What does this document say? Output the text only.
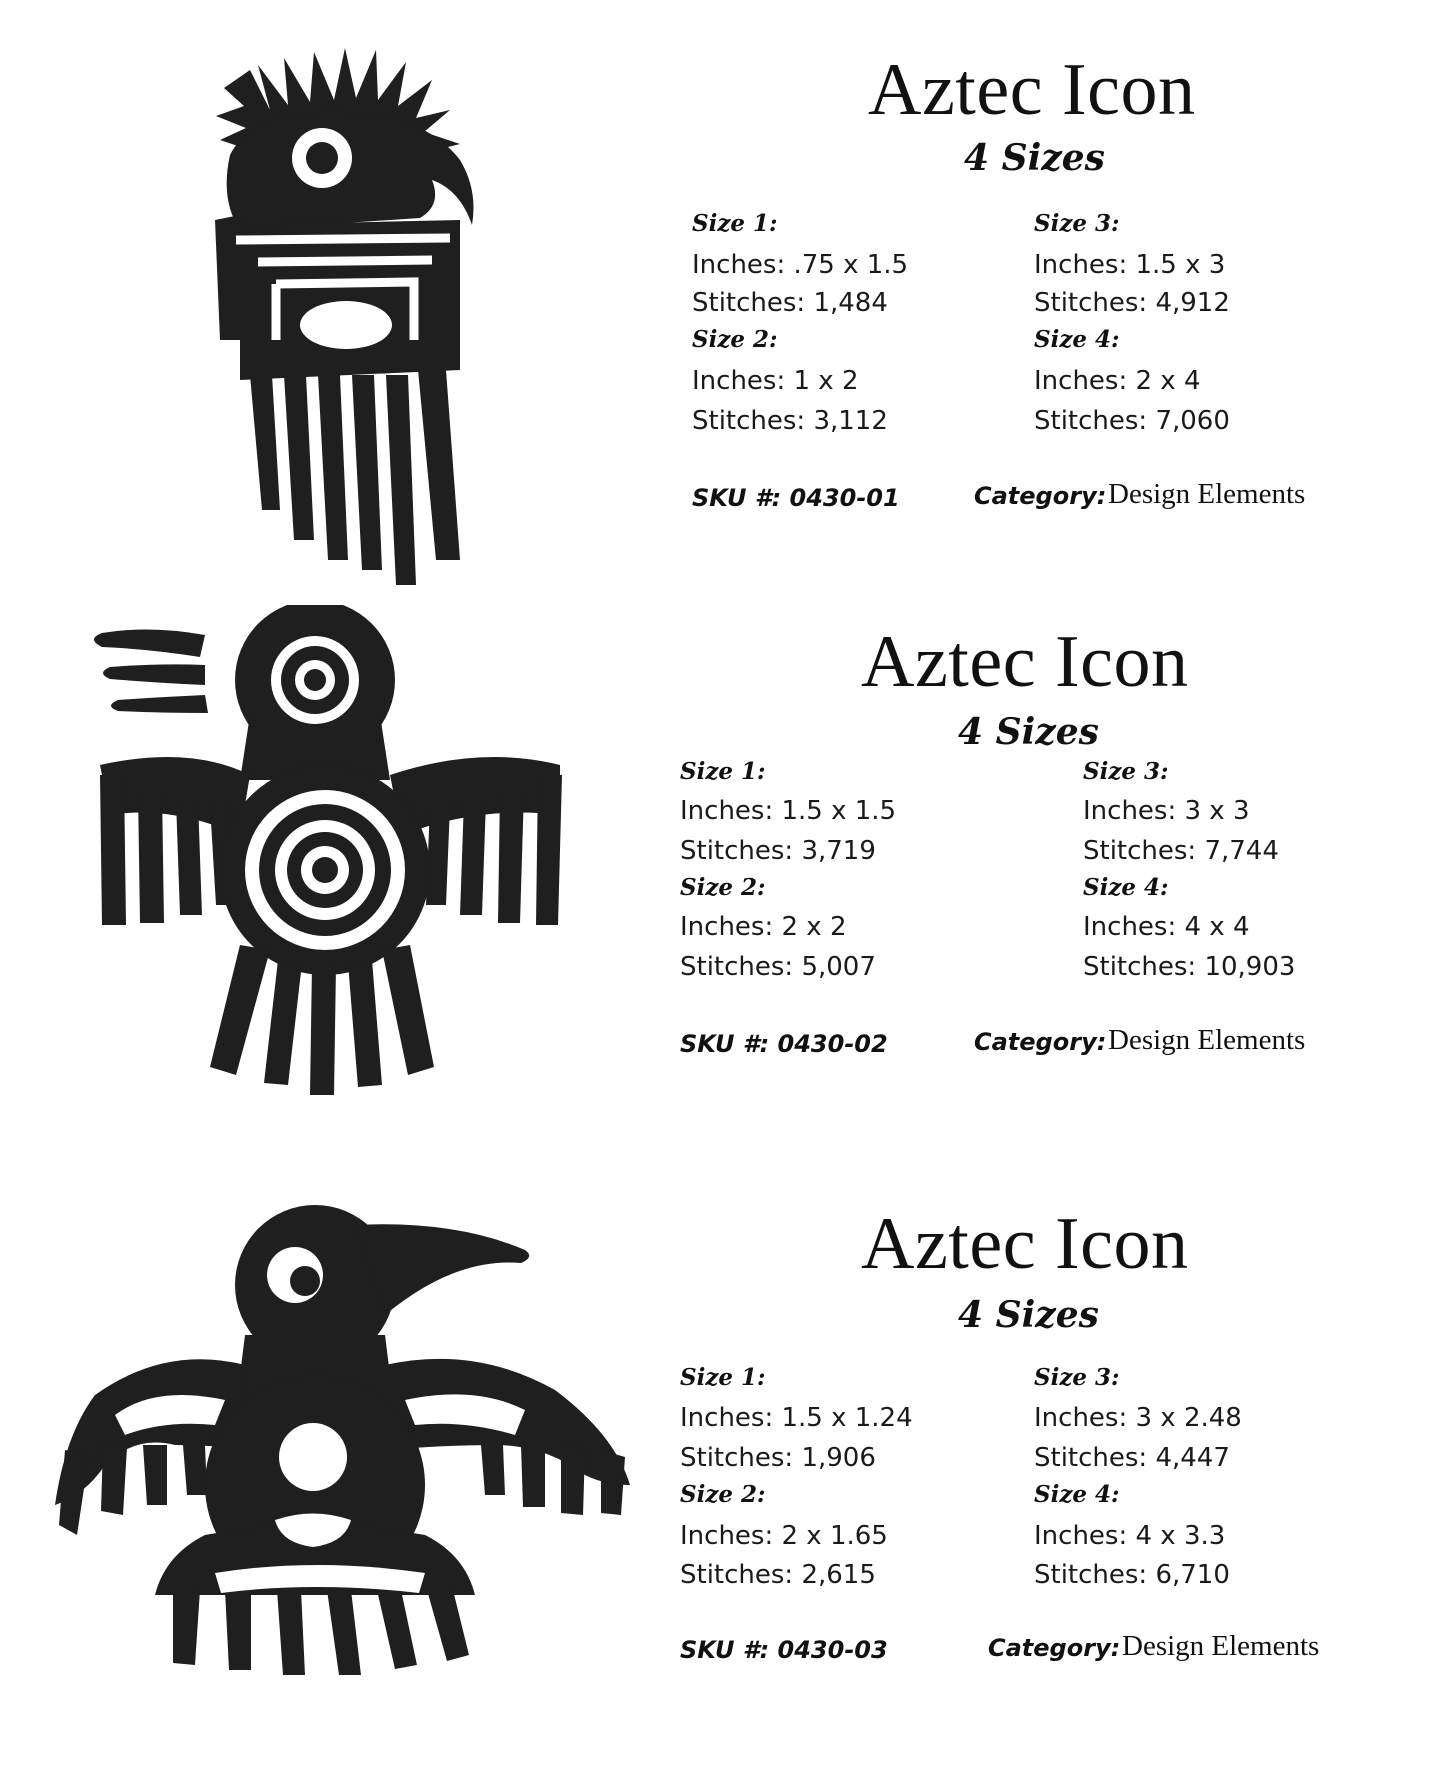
Aztec Icon
4 Sizes
Size 1:
Inches: .75 x 1.5
Stitches: 1,484
Size 2:
Inches: 1 x 2
Stitches: 3,112
Size 3:
Inches: 1.5 x 3
Stitches: 4,912
Size 4:
Inches: 2 x 4
Stitches: 7,060
SKU #: 0430-01	Category: Design Elements
Aztec Icon
4 Sizes
Size 1:
Inches: 1.5 x 1.5
Stitches: 3,719
Size 2:
Inches: 2 x 2
Stitches: 5,007
Size 3:
Inches: 3 x 3
Stitches: 7,744
Size 4:
Inches: 4 x 4
Stitches: 10,903
SKU #: 0430-02	Category: Design Elements
Aztec Icon
4 Sizes
Size 1:
Inches: 1.5 x 1.24
Stitches: 1,906
Size 2:
Inches: 2 x 1.65
Stitches: 2,615
Size 3:
Inches: 3 x 2.48
Stitches: 4,447
Size 4:
Inches: 4 x 3.3
Stitches: 6,710
SKU #: 0430-03	Category: Design Elements
